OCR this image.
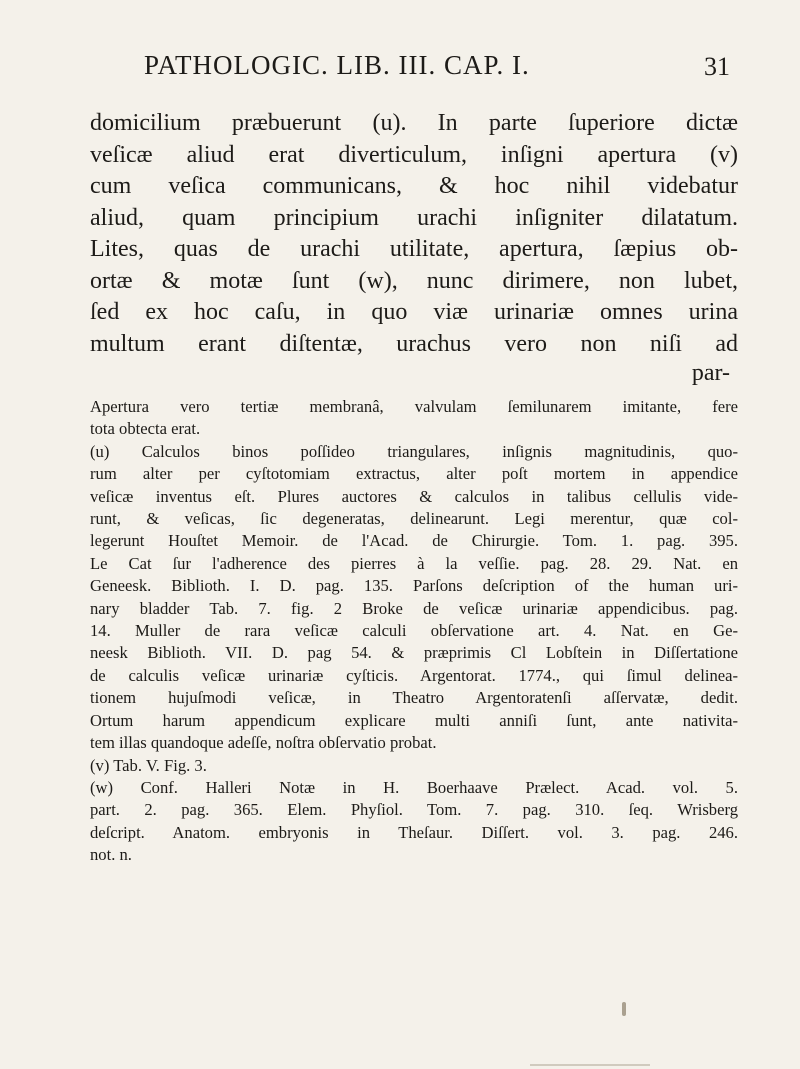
PATHOLOGIC. LIB. III. CAP. I.	31
domicilium præbuerunt (u). In parte ſuperiore dictæ
veſicæ aliud erat diverticulum, inſigni apertura (v)
cum veſica communicans, & hoc nihil videbatur
aliud, quam principium urachi inſigniter dilatatum.
Lites, quas de urachi utilitate, apertura, ſæpius ob-
ortæ & motæ ſunt (w), nunc dirimere, non lubet,
ſed ex hoc caſu, in quo viæ urinariæ omnes urina
multum erant diſtentæ, urachus vero non niſi ad
par-
Apertura vero tertiæ membranâ, valvulam ſemilunarem imitante, fere
tota obtecta erat.
(u) Calculos binos poſſideo triangulares, inſignis magnitudinis, quo-
rum alter per cyſtotomiam extractus, alter poſt mortem in appendice
veſicæ inventus eſt. Plures auctores & calculos in talibus cellulis vide-
runt, & veſicas, ſic degeneratas, delinearunt. Legi merentur, quæ col-
legerunt Houſtet Memoir. de l'Acad. de Chirurgie. Tom. 1. pag. 395.
Le Cat ſur l'adherence des pierres à la veſſie. pag. 28. 29. Nat. en
Geneesk. Biblioth. I. D. pag. 135. Parſons deſcription of the human uri-
nary bladder Tab. 7. fig. 2 Broke de veſicæ urinariæ appendicibus. pag.
14. Muller de rara veſicæ calculi obſervatione art. 4. Nat. en Ge-
neesk Biblioth. VII. D. pag 54. & præprimis Cl Lobſtein in Diſſertatione
de calculis veſicæ urinariæ cyſticis. Argentorat. 1774., qui ſimul delinea-
tionem hujuſmodi veſicæ, in Theatro Argentoratenſi aſſervatæ, dedit.
Ortum harum appendicum explicare multi anniſi ſunt, ante nativita-
tem illas quandoque adeſſe, noſtra obſervatio probat.
(v) Tab. V. Fig. 3.
(w) Conf. Halleri Notæ in H. Boerhaave Prælect. Acad. vol. 5.
part. 2. pag. 365. Elem. Phyſiol. Tom. 7. pag. 310. ſeq. Wrisberg
deſcript. Anatom. embryonis in Theſaur. Diſſert. vol. 3. pag. 246.
not. n.
